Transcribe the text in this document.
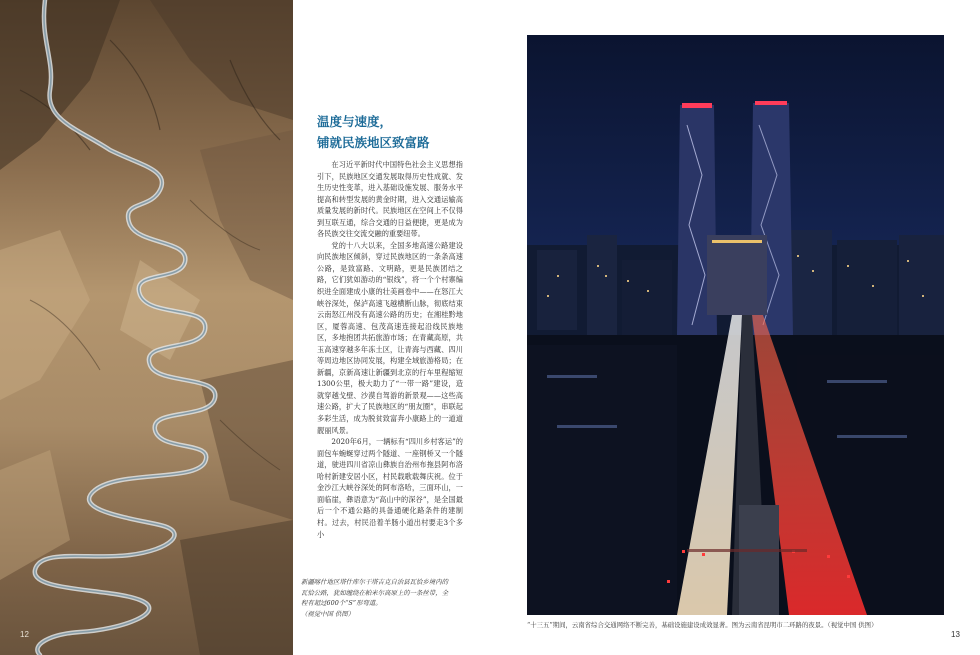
12
温度与速度，
铺就民族地区致富路

在习近平新时代中国特色社会主义思想指引下，民族地区交通发展取得历史性成就、发生历史性变革，进入基础设施发展、服务水平提高和转型发展的黄金时期，进入交通运输高质量发展的新时代。民族地区在空间上不仅得到互联互通，综合交通的日益便捷，更是成为各民族交往交流交融的重要纽带。

党的十八大以来，全国多地高速公路建设向民族地区倾斜，穿过民族地区的一条条高速公路，是致富路、文明路，更是民族团结之路，它们犹如游动的“银线”，将一个个村寨编织进全面建成小康的壮美画卷中——在怒江大峡谷深处，保泸高速飞越横断山脉，彻底结束云南怒江州没有高速公路的历史；在湘桂黔地区，厦蓉高速、包茂高速连接起沿线民族地区，多地抱团共拓旅游市场；在青藏高原，共玉高速穿越多年冻土区，让青海与西藏、四川等周边地区协同发展，构建全域旅游格局；在新疆，京新高速让新疆到北京的行车里程缩短1300公里，极大助力了“一带一路”建设，造就穿越戈壁、沙漠自驾游的新景观——这些高速公路，扩大了民族地区的“朋友圈”，串联起多彩生活，成为脱贫致富奔小康路上的一道道靓丽风景。

2020年6月，一辆标有“四川乡村客运”的面包车蜿蜒穿过两个隧道、一座钢桥又一个隧道，驶进四川省凉山彝族自治州布拖县阿布洛哈村新建安居小区，村民载歌载舞庆祝。位于金沙江大峡谷深处的阿布洛哈，三面环山，一面临崖，彝语意为“高山中的深谷”，是全国最后一个不通公路的具备通硬化路条件的建制村。过去，村民沿着羊肠小道出村要走3个多小

新疆喀什地区塔什库尔干塔吉克自治县瓦恰乡境内的瓦恰公路，犹如缠绕在帕米尔高原上的一条丝带，全程有超过600个“S”形弯道。
（视觉中国 供图）
“十三五”期间，云南省综合交通网络不断完善，基础设施建设成效显著。图为云南省昆明市二环路的夜景。（视觉中国 供图）
13
